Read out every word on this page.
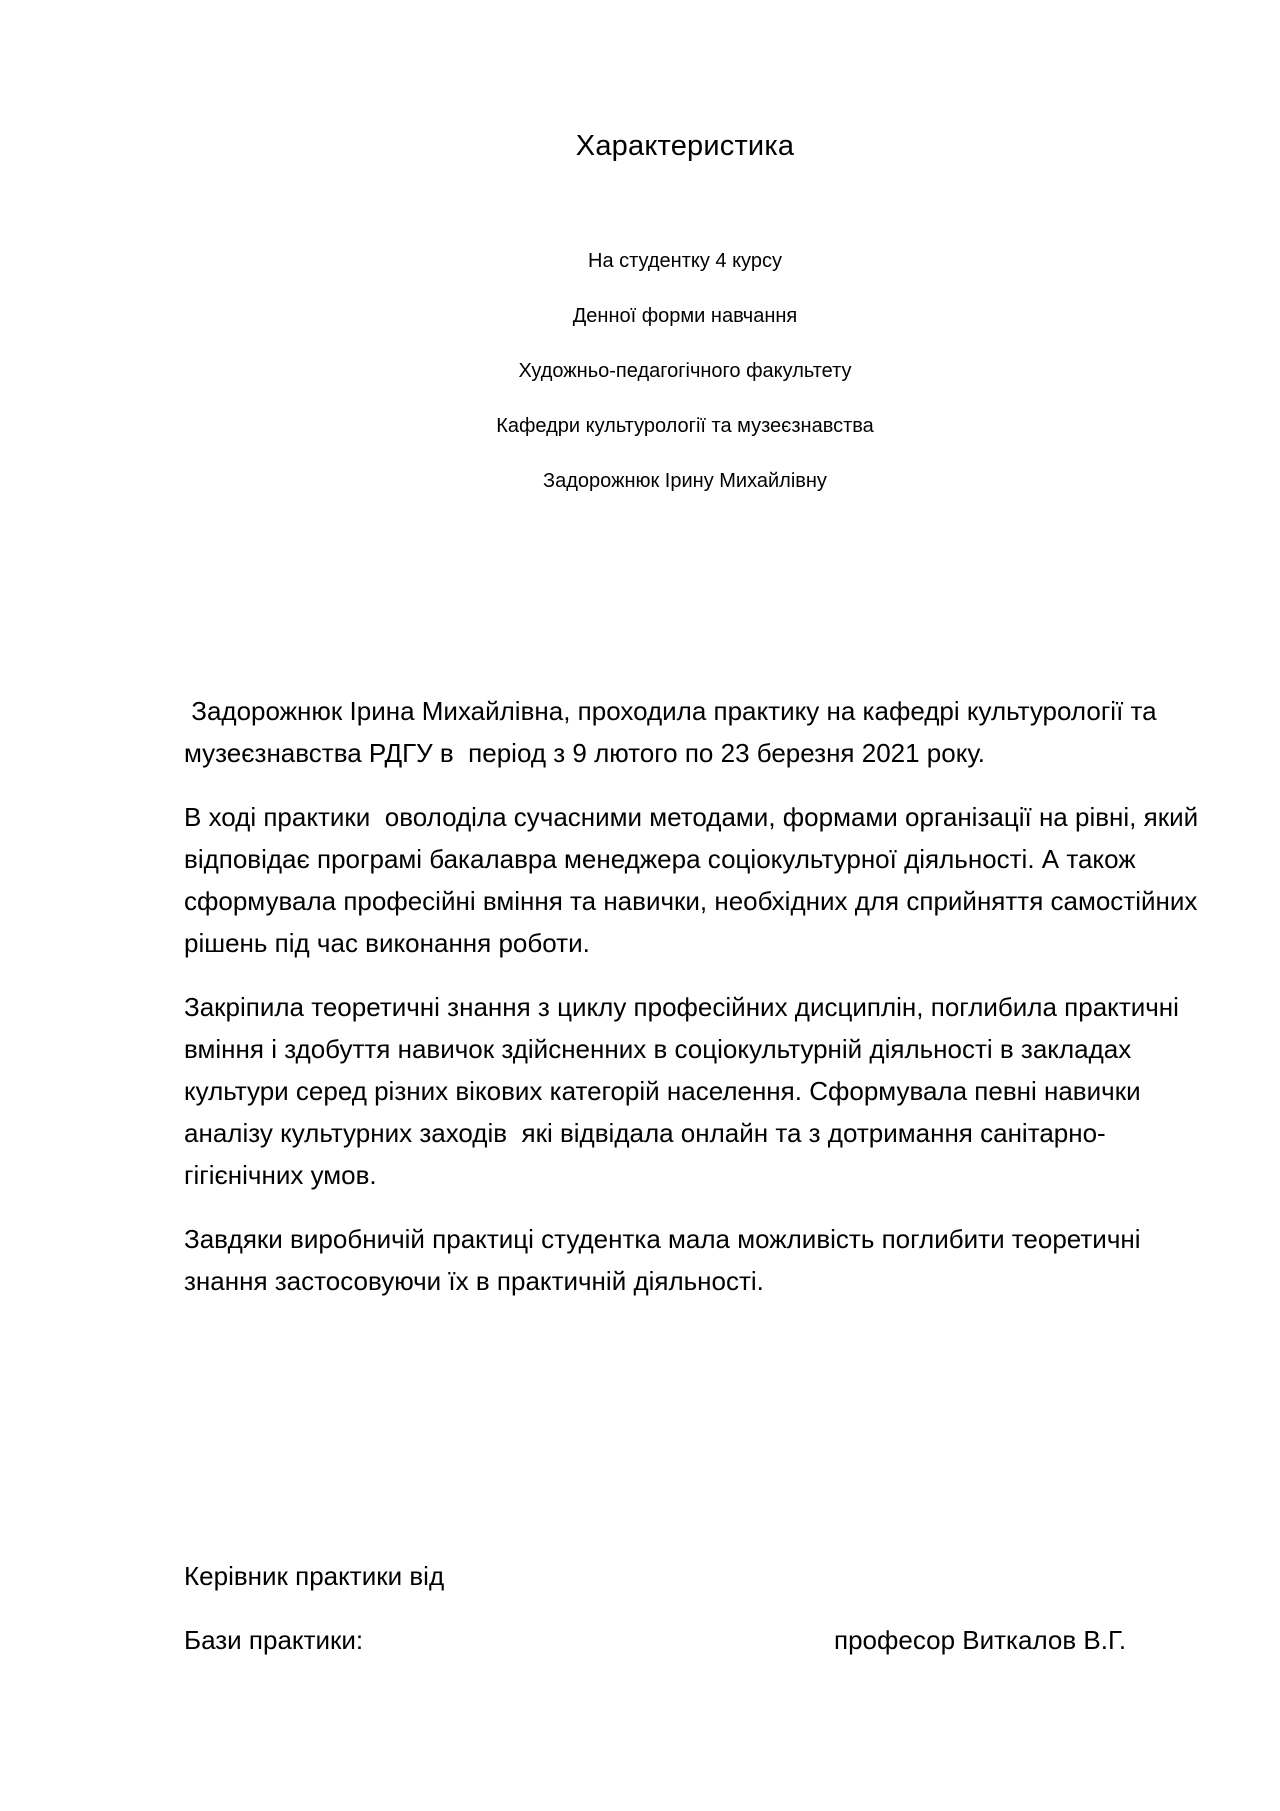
Характеристика
На студентку 4 курсу
Денної форми навчання
Художньо-педагогічного факультету
Кафедри культурології та музеєзнавства
Задорожнюк Ірину Михайлівну

Задорожнюк Ірина Михайлівна, проходила практику на кафедрі культурології та музеєзнавства РДГУ в  період з 9 лютого по 23 березня 2021 року.

В ході практики  оволоділа сучасними методами, формами організації на рівні, який відповідає програмі бакалавра менеджера соціокультурної діяльності. А також сформувала професійні вміння та навички, необхідних для сприйняття самостійних рішень під час виконання роботи.

Закріпила теоретичні знання з циклу професійних дисциплін, поглибила практичні вміння і здобуття навичок здійсненних в соціокультурній діяльності в закладах культури серед різних вікових категорій населення. Сформувала певні навички аналізу культурних заходів  які відвідала онлайн та з дотримання санітарно-гігієнічних умов.

Завдяки виробничій практиці студентка мала можливість поглибити теоретичні знання застосовуючи їх в практичній діяльності.

Керівник практики від
Бази практики:	професор Виткалов В.Г.
